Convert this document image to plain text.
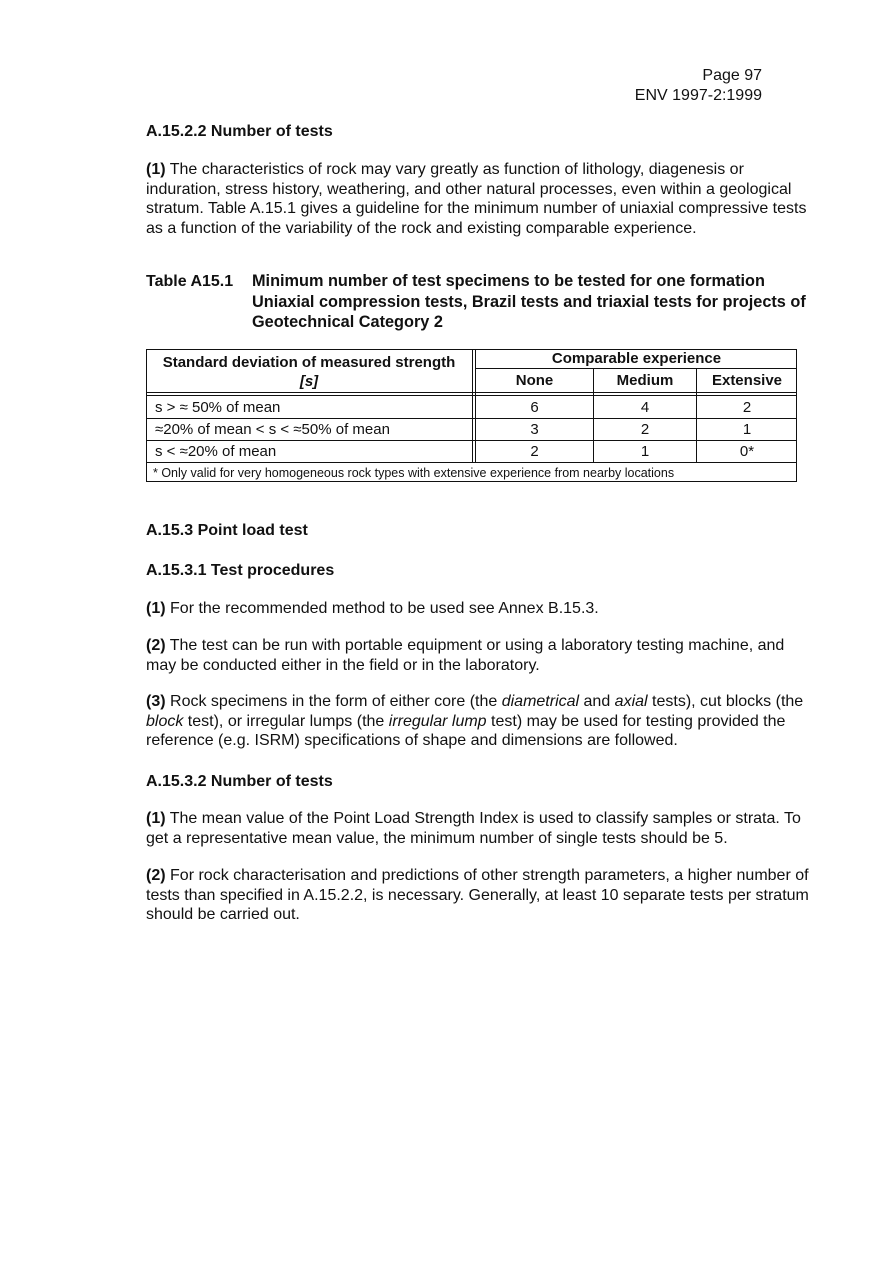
Page 97
ENV 1997-2:1999
A.15.2.2 Number of tests
(1) The characteristics of rock may vary greatly as function of lithology, diagenesis or induration, stress history, weathering, and other natural processes, even within a geological stratum. Table A.15.1 gives a guideline for the minimum number of uniaxial compressive tests as a function of the variability of the rock and existing comparable experience.
Table A15.1 Minimum number of test specimens to be tested for one formation Uniaxial compression tests, Brazil tests and triaxial tests for projects of Geotechnical Category 2
Standard deviation of measured strength
[s]
Comparable experience
None	Medium	Extensive
s > ≈ 50% of mean	6	4	2
≈20% of mean < s < ≈50% of mean	3	2	1
s < ≈20% of mean	2	1	0*
* Only valid for very homogeneous rock types with extensive experience from nearby locations
A.15.3 Point load test
A.15.3.1 Test procedures
(1) For the recommended method to be used see Annex B.15.3.
(2) The test can be run with portable equipment or using a laboratory testing machine, and may be conducted either in the field or in the laboratory.
(3) Rock specimens in the form of either core (the diametrical and axial tests), cut blocks (the block test), or irregular lumps (the irregular lump test) may be used for testing provided the reference (e.g. ISRM) specifications of shape and dimensions are followed.
A.15.3.2 Number of tests
(1) The mean value of the Point Load Strength Index is used to classify samples or strata. To get a representative mean value, the minimum number of single tests should be 5.
(2) For rock characterisation and predictions of other strength parameters, a higher number of tests than specified in A.15.2.2, is necessary. Generally, at least 10 separate tests per stratum should be carried out.
